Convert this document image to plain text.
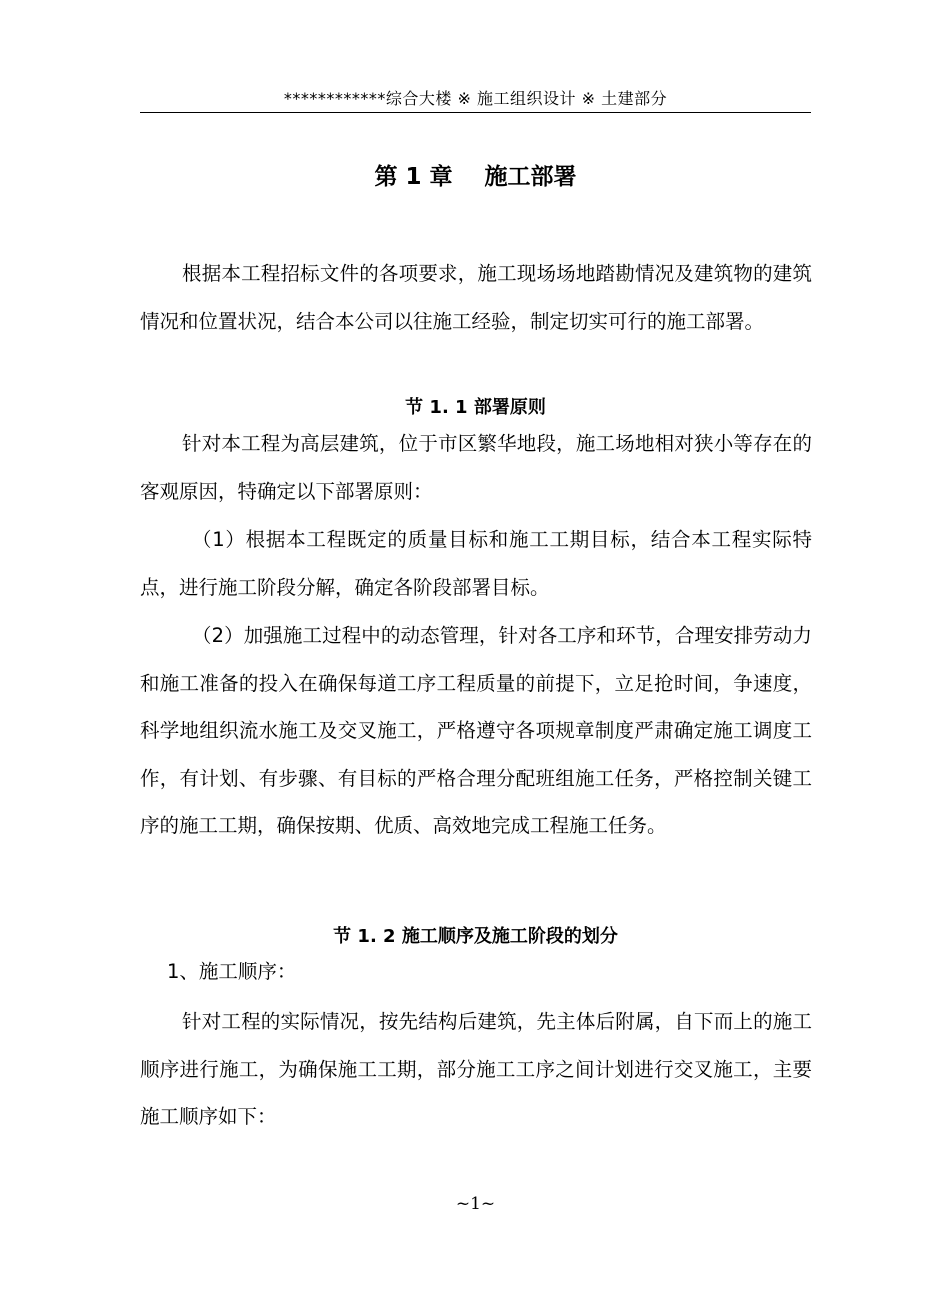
************综合大楼 ※ 施工组织设计 ※ 土建部分
第 1 章    施工部署

根据本工程招标文件的各项要求，施工现场场地踏勘情况及建筑物的建筑情况和位置状况，结合本公司以往施工经验，制定切实可行的施工部署。

节 1. 1 部署原则

针对本工程为高层建筑，位于市区繁华地段，施工场地相对狭小等存在的客观原因，特确定以下部署原则：

（1）根据本工程既定的质量目标和施工工期目标，结合本工程实际特点，进行施工阶段分解，确定各阶段部署目标。

（2）加强施工过程中的动态管理，针对各工序和环节，合理安排劳动力和施工准备的投入在确保每道工序工程质量的前提下，立足抢时间，争速度，科学地组织流水施工及交叉施工，严格遵守各项规章制度严肃确定施工调度工作，有计划、有步骤、有目标的严格合理分配班组施工任务，严格控制关键工序的施工工期，确保按期、优质、高效地完成工程施工任务。

节 1. 2 施工顺序及施工阶段的划分
1、施工顺序：

针对工程的实际情况，按先结构后建筑，先主体后附属，自下而上的施工顺序进行施工，为确保施工工期，部分施工工序之间计划进行交叉施工，主要施工顺序如下：

~1~
